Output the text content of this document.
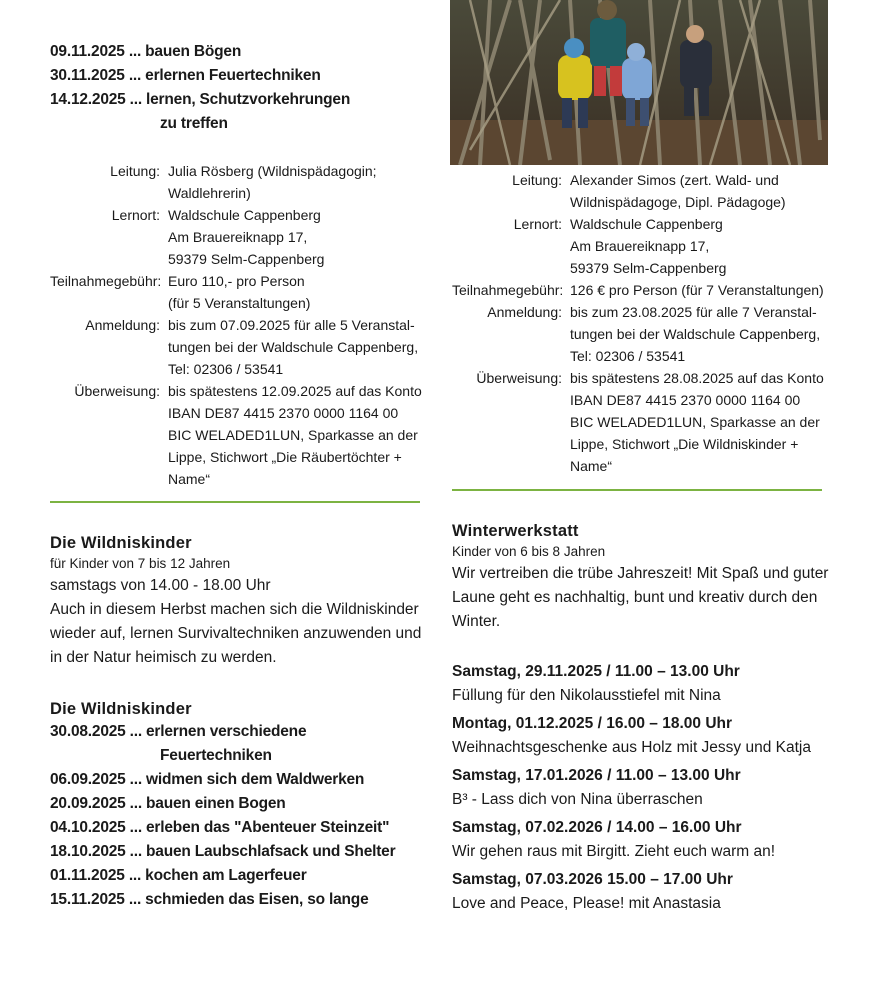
09.11.2025 ... bauen Bögen
30.11.2025 ... erlernen Feuertechniken
14.12.2025 ... lernen, Schutzvorkehrungen
zu treffen
Leitung: Julia Rösberg (Wildnispädagogin;
Waldlehrerin)
Lernort: Waldschule Cappenberg
Am Brauereiknapp 17,
59379 Selm-Cappenberg
Teilnahmegebühr: Euro 110,- pro Person
(für 5 Veranstaltungen)
Anmeldung: bis zum 07.09.2025 für alle 5 Veranstal-
tungen bei der Waldschule Cappenberg,
Tel: 02306 / 53541
Überweisung: bis spätestens 12.09.2025 auf das Konto
IBAN DE87 4415 2370 0000 1164 00
BIC WELADED1LUN, Sparkasse an der
Lippe, Stichwort „Die Räubertöchter +
Name“
Die Wildniskinder
für Kinder von 7 bis 12 Jahren
samstags von 14.00 - 18.00 Uhr
Auch in diesem Herbst machen sich die Wildniskinder
wieder auf, lernen Survivaltechniken anzuwenden und
in der Natur heimisch zu werden.
Die Wildniskinder
30.08.2025 ... erlernen verschiedene
Feuertechniken
06.09.2025 ... widmen sich dem Waldwerken
20.09.2025 ... bauen einen Bogen
04.10.2025 ... erleben das "Abenteuer Steinzeit"
18.10.2025 ... bauen Laubschlafsack und Shelter
01.11.2025 ... kochen am Lagerfeuer
15.11.2025 ... schmieden das Eisen, so lange
Leitung: Alexander Simos (zert. Wald- und
Wildnispädagoge, Dipl. Pädagoge)
Lernort: Waldschule Cappenberg
Am Brauereiknapp 17,
59379 Selm-Cappenberg
Teilnahmegebühr: 126 € pro Person (für 7 Veranstaltungen)
Anmeldung: bis zum 23.08.2025 für alle 7 Veranstal-
tungen bei der Waldschule Cappenberg,
Tel: 02306 / 53541
Überweisung: bis spätestens 28.08.2025 auf das Konto
IBAN DE87 4415 2370 0000 1164 00
BIC WELADED1LUN, Sparkasse an der
Lippe, Stichwort „Die Wildniskinder +
Name“
Winterwerkstatt
Kinder von 6 bis 8 Jahren
Wir vertreiben die trübe Jahreszeit! Mit Spaß und guter
Laune geht es nachhaltig, bunt und kreativ durch den
Winter.
Samstag, 29.11.2025 / 11.00 – 13.00 Uhr
Füllung für den Nikolausstiefel mit Nina
Montag, 01.12.2025 / 16.00 – 18.00 Uhr
Weihnachtsgeschenke aus Holz mit Jessy und Katja
Samstag, 17.01.2026 / 11.00 – 13.00 Uhr
B³ - Lass dich von Nina überraschen
Samstag, 07.02.2026 / 14.00 – 16.00 Uhr
Wir gehen raus mit Birgitt. Zieht euch warm an!
Samstag, 07.03.2026 15.00 – 17.00 Uhr
Love and Peace, Please! mit Anastasia
